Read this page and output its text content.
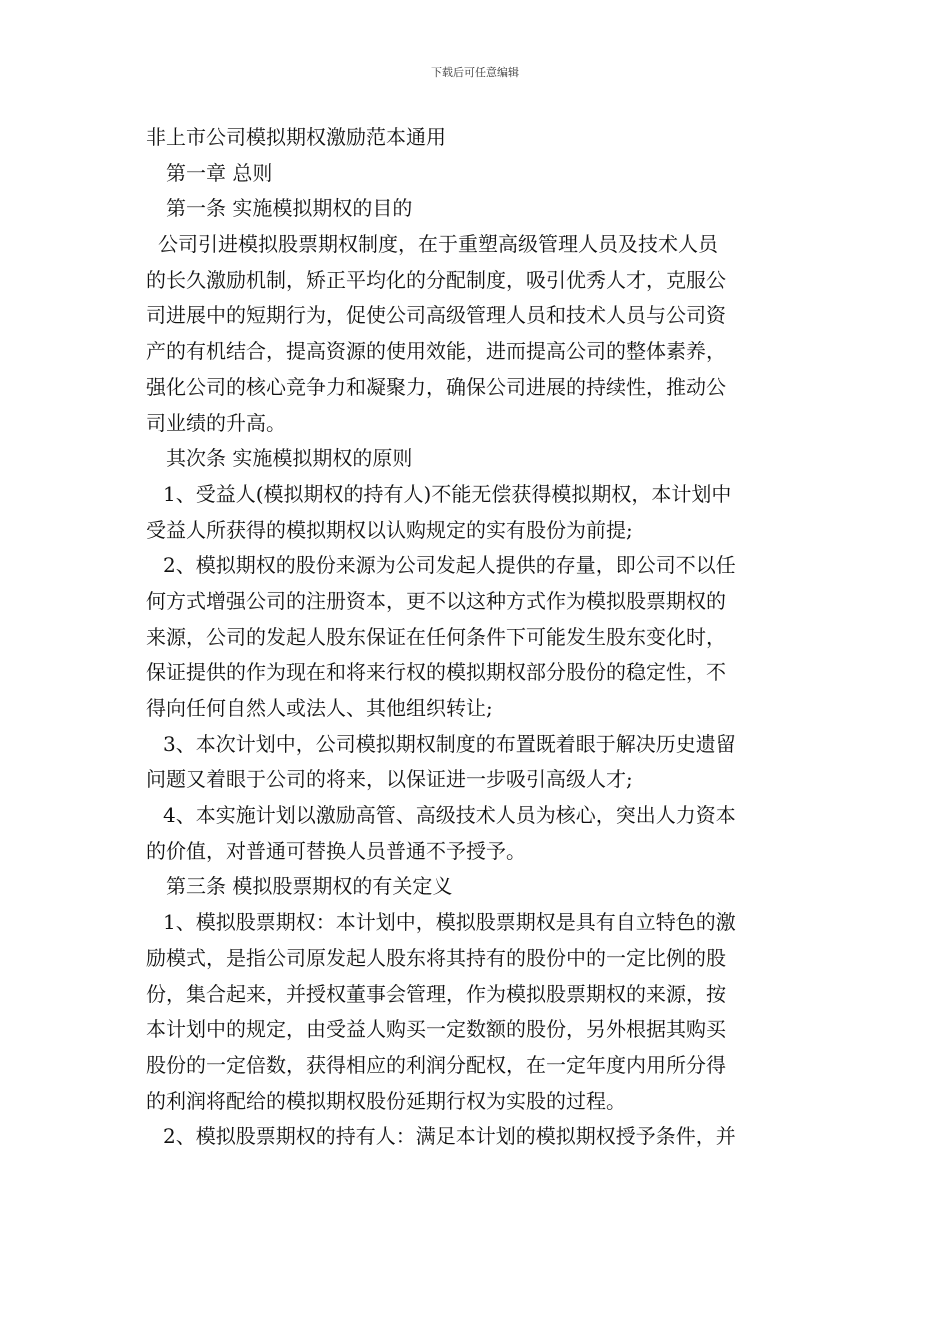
下载后可任意编辑
非上市公司模拟期权激励范本通用
第一章 总则
第一条 实施模拟期权的目的
公司引进模拟股票期权制度，在于重塑高级管理人员及技术人员
的长久激励机制，矫正平均化的分配制度，吸引优秀人才，克服公
司进展中的短期行为，促使公司高级管理人员和技术人员与公司资
产的有机结合，提高资源的使用效能，进而提高公司的整体素养，
强化公司的核心竞争力和凝聚力，确保公司进展的持续性，推动公
司业绩的升高。
其次条 实施模拟期权的原则
1、受益人(模拟期权的持有人)不能无偿获得模拟期权，本计划中
受益人所获得的模拟期权以认购规定的实有股份为前提;
2、模拟期权的股份来源为公司发起人提供的存量，即公司不以任
何方式增强公司的注册资本，更不以这种方式作为模拟股票期权的
来源，公司的发起人股东保证在任何条件下可能发生股东变化时，
保证提供的作为现在和将来行权的模拟期权部分股份的稳定性，不
得向任何自然人或法人、其他组织转让;
3、本次计划中，公司模拟期权制度的布置既着眼于解决历史遗留
问题又着眼于公司的将来，以保证进一步吸引高级人才;
4、本实施计划以激励高管、高级技术人员为核心，突出人力资本
的价值，对普通可替换人员普通不予授予。
第三条 模拟股票期权的有关定义
1、模拟股票期权：本计划中，模拟股票期权是具有自立特色的激
励模式，是指公司原发起人股东将其持有的股份中的一定比例的股
份，集合起来，并授权董事会管理，作为模拟股票期权的来源，按
本计划中的规定，由受益人购买一定数额的股份，另外根据其购买
股份的一定倍数，获得相应的利润分配权，在一定年度内用所分得
的利润将配给的模拟期权股份延期行权为实股的过程。
2、模拟股票期权的持有人：满足本计划的模拟期权授予条件，并
